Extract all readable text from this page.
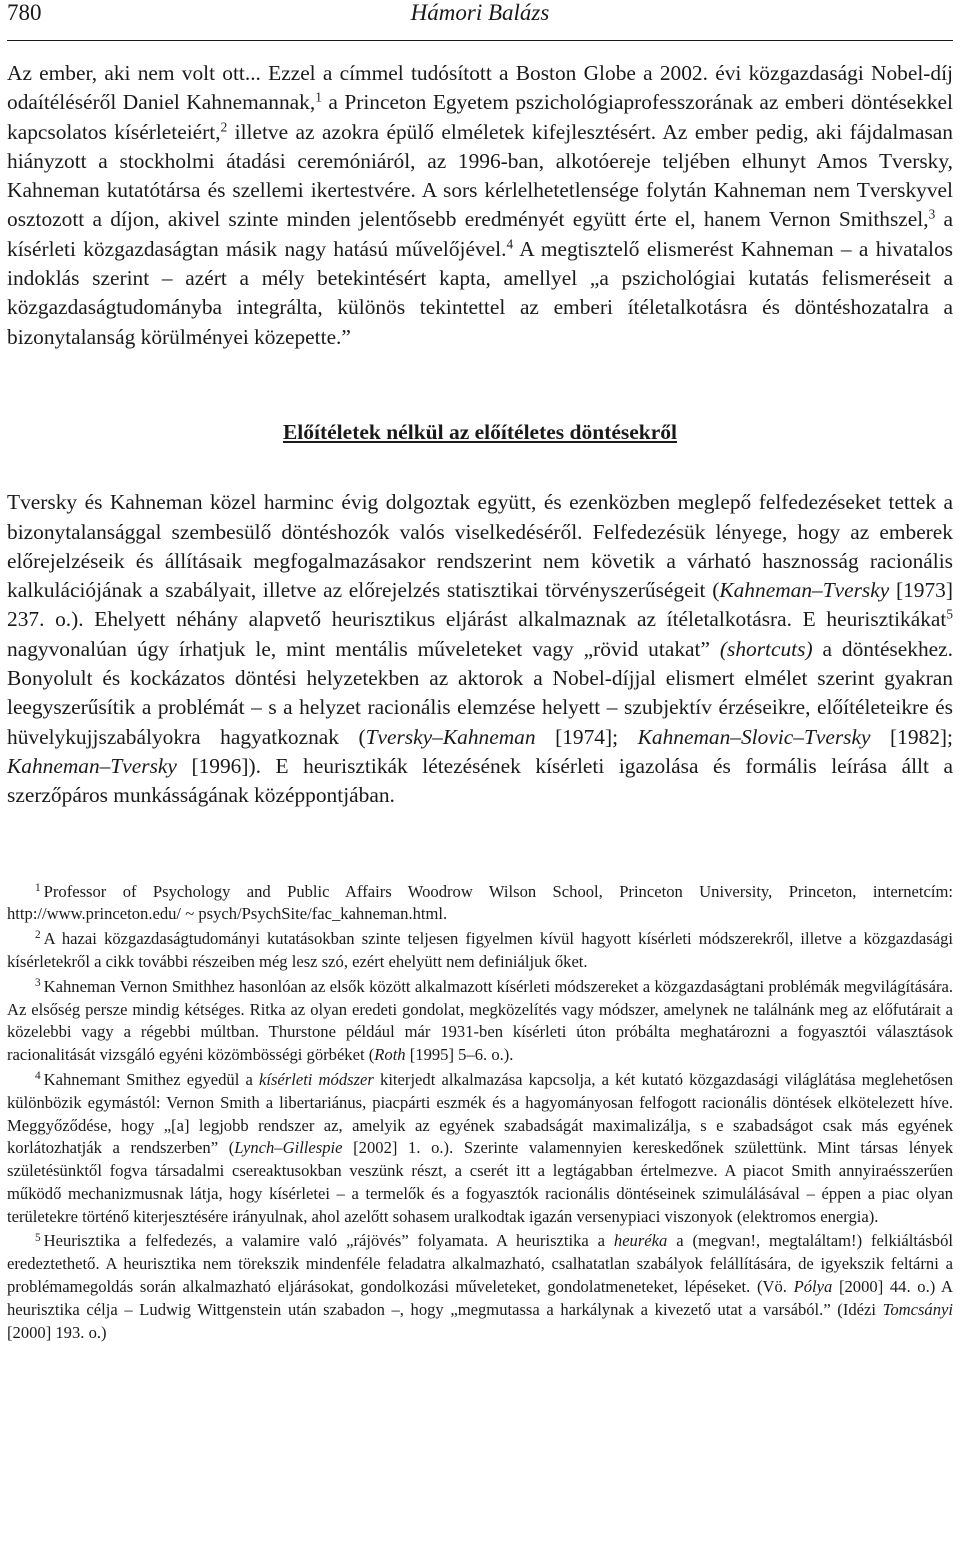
780	Hámori Balázs

Az ember, aki nem volt ott... Ezzel a címmel tudósított a Boston Globe a 2002. évi közgazdasági Nobel-díj odaítéléséről Daniel Kahnemannak,$^1$ a Princeton Egyetem pszichológiaprofesszorának az emberi döntésekkel kapcsolatos kísérleteiért,$^2$ illetve az azokra épülő elméletek kifejlesztésért. Az ember pedig, aki fájdalmasan hiányzott a stockholmi átadási ceremóniáról, az 1996-ban, alkotóereje teljében elhunyt Amos Tversky, Kahneman kutatótársa és szellemi ikertestvére. A sors kérlelhetetlensége folytán Kahneman nem Tverskyvel osztozott a díjon, akivel szinte minden jelentősebb eredményét együtt érte el, hanem Vernon Smithszel,$^3$ a kísérleti közgazdaságtan másik nagy hatású művelőjével.$^4$ A megtisztelő elismerést Kahneman – a hivatalos indoklás szerint – azért a mély betekintésért kapta, amellyel „a pszichológiai kutatás felismeréseit a közgazdaságtudományba integrálta, különös tekintettel az emberi ítéletalkotásra és döntéshozatalra a bizonytalanság körülményei közepette.”

Előítéletek nélkül az előítéletes döntésekről

Tversky és Kahneman közel harminc évig dolgoztak együtt, és ezenközben meglepő felfedezéseket tettek a bizonytalansággal szembesülő döntéshozók valós viselkedéséről. Felfedezésük lényege, hogy az emberek előrejelzéseik és állításaik megfogalmazásakor rendszerint nem követik a várható hasznosság racionális kalkulációjának a szabályait, illetve az előrejelzés statisztikai törvényszerűségeit (Kahneman–Tversky [1973] 237. o.). Ehelyett néhány alapvető heurisztikus eljárást alkalmaznak az ítéletalkotásra. E heurisztikákat$^5$ nagyvonalúan úgy írhatjuk le, mint mentális műveleteket vagy „rövid utakat” (shortcuts) a döntésekhez. Bonyolult és kockázatos döntési helyzetekben az aktorok a Nobel-díjjal elismert elmélet szerint gyakran leegyszerűsítik a problémát – s a helyzet racionális elemzése helyett – szubjektív érzéseikre, előítéleteikre és hüvelykujjszabályokra hagyatkoznak (Tversky–Kahneman [1974]; Kahneman–Slovic–Tversky [1982]; Kahneman–Tversky [1996]). E heurisztikák létezésének kísérleti igazolása és formális leírása állt a szerzőpáros munkásságának középpontjában.

$^1$ Professor of Psychology and Public Affairs Woodrow Wilson School, Princeton University, Princeton, internetcím: http://www.princeton.edu/ ~ psych/PsychSite/fac_kahneman.html.

$^2$ A hazai közgazdaságtudományi kutatásokban szinte teljesen figyelmen kívül hagyott kísérleti módszerekről, illetve a közgazdasági kísérletekről a cikk további részeiben még lesz szó, ezért ehelyütt nem definiáljuk őket.

$^3$ Kahneman Vernon Smithhez hasonlóan az elsők között alkalmazott kísérleti módszereket a közgazdaságtani problémák megvilágítására. Az elsőség persze mindig kétséges. Ritka az olyan eredeti gondolat, megközelítés vagy módszer, amelynek ne találnánk meg az előfutárait a közelebbi vagy a régebbi múltban. Thurstone például már 1931-ben kísérleti úton próbálta meghatározni a fogyasztói választások racionalitását vizsgáló egyéni közömbösségi görbéket (Roth [1995] 5–6. o.).

$^4$ Kahnemant Smithez egyedül a kísérleti módszer kiterjedt alkalmazása kapcsolja, a két kutató közgazdasági világlátása meglehetősen különbözik egymástól: Vernon Smith a libertariánus, piacpárti eszmék és a hagyományosan felfogott racionális döntések elkötelezett híve. Meggyőződése, hogy „[a] legjobb rendszer az, amelyik az egyének szabadságát maximalizálja, s e szabadságot csak más egyének korlátozhatják a rendszerben” (Lynch–Gillespie [2002] 1. o.). Szerinte valamennyien kereskedőnek születtünk. Mint társas lények születésünktől fogva társadalmi csereaktusokban veszünk részt, a cserét itt a legtágabban értelmezve. A piacot Smith annyiraésszerűen működő mechanizmusnak látja, hogy kísérletei – a termelők és a fogyasztók racionális döntéseinek szimulálásával – éppen a piac olyan területekre történő kiterjesztésére irányulnak, ahol azelőtt sohasem uralkodtak igazán versenypiaci viszonyok (elektromos energia).

$^5$ Heurisztika a felfedezés, a valamire való „rájövés” folyamata. A heurisztika a heuréka a (megvan!, megtaláltam!) felkiáltásból eredeztethető. A heurisztika nem törekszik mindenféle feladatra alkalmazható, csalhatatlan szabályok felállítására, de igyekszik feltárni a problémamegoldás során alkalmazható eljárásokat, gondolkozási műveleteket, gondolatmeneteket, lépéseket. (Vö. Pólya [2000] 44. o.) A heurisztika célja – Ludwig Wittgenstein után szabadon –, hogy „megmutassa a harkálynak a kivezető utat a varsából.” (Idézi Tomcsányi [2000] 193. o.)
